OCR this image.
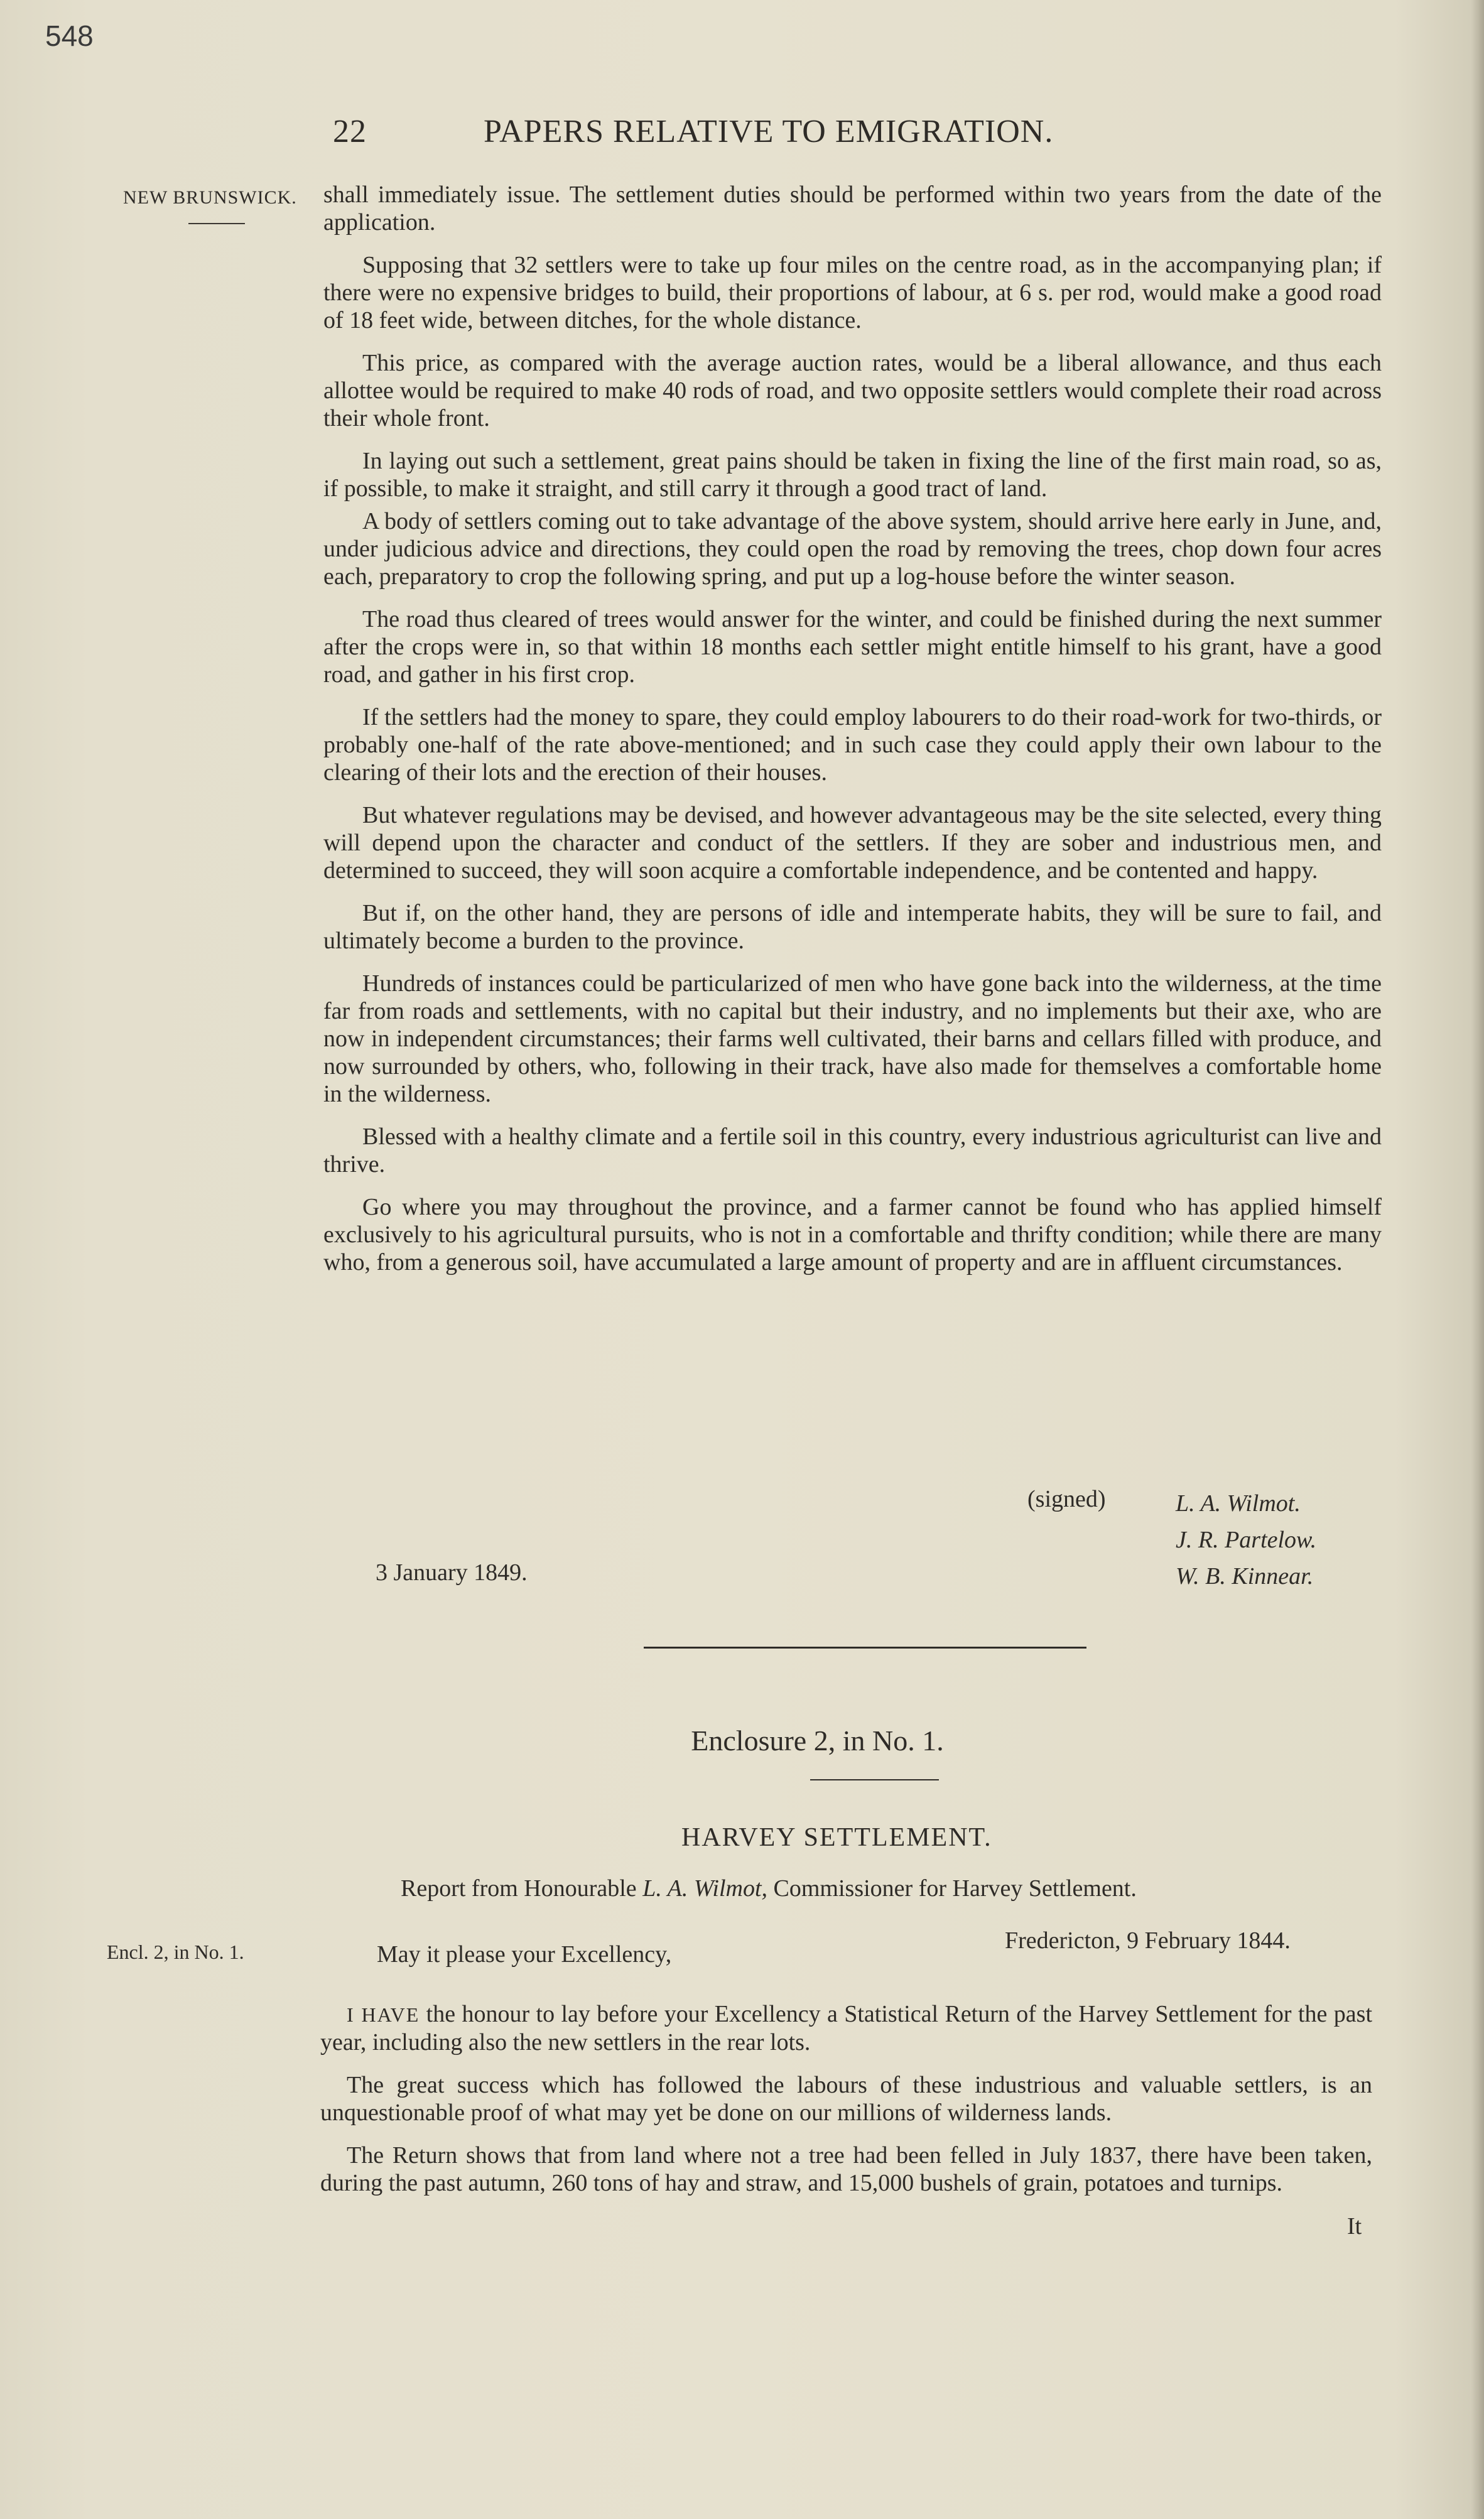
548
22	PAPERS RELATIVE TO EMIGRATION.
NEW BRUNSWICK. shall immediately issue. The settlement duties should be performed within two years from the date of the application.

Supposing that 32 settlers were to take up four miles on the centre road, as in the accompanying plan; if there were no expensive bridges to build, their proportions of labour, at 6 s. per rod, would make a good road of 18 feet wide, between ditches, for the whole distance.

This price, as compared with the average auction rates, would be a liberal allowance, and thus each allottee would be required to make 40 rods of road, and two opposite settlers would complete their road across their whole front.

In laying out such a settlement, great pains should be taken in fixing the line of the first main road, so as, if possible, to make it straight, and still carry it through a good tract of land.

A body of settlers coming out to take advantage of the above system, should arrive here early in June, and, under judicious advice and directions, they could open the road by removing the trees, chop down four acres each, preparatory to crop the following spring, and put up a log-house before the winter season.

The road thus cleared of trees would answer for the winter, and could be finished during the next summer after the crops were in, so that within 18 months each settler might entitle himself to his grant, have a good road, and gather in his first crop.

If the settlers had the money to spare, they could employ labourers to do their road-work for two-thirds, or probably one-half of the rate above-mentioned; and in such case they could apply their own labour to the clearing of their lots and the erection of their houses.

But whatever regulations may be devised, and however advantageous may be the site selected, every thing will depend upon the character and conduct of the settlers. If they are sober and industrious men, and determined to succeed, they will soon acquire a comfortable independence, and be contented and happy.

But if, on the other hand, they are persons of idle and intemperate habits, they will be sure to fail, and ultimately become a burden to the province.

Hundreds of instances could be particularized of men who have gone back into the wilderness, at the time far from roads and settlements, with no capital but their industry, and no implements but their axe, who are now in independent circumstances; their farms well cultivated, their barns and cellars filled with produce, and now surrounded by others, who, following in their track, have also made for themselves a comfortable home in the wilderness.

Blessed with a healthy climate and a fertile soil in this country, every industrious agriculturist can live and thrive.

Go where you may throughout the province, and a farmer cannot be found who has applied himself exclusively to his agricultural pursuits, who is not in a comfortable and thrifty condition; while there are many who, from a generous soil, have accumulated a large amount of property and are in affluent circumstances.

(signed)	L. A. Wilmot.
J. R. Partelow.
W. B. Kinnear.
3 January 1849.
Enclosure 2, in No. 1.
HARVEY SETTLEMENT.
Report from Honourable L. A. Wilmot, Commissioner for Harvey Settlement.
Encl. 2, in No. 1.	Fredericton, 9 February 1844.
May it please your Excellency,

I HAVE the honour to lay before your Excellency a Statistical Return of the Harvey Settlement for the past year, including also the new settlers in the rear lots.

The great success which has followed the labours of these industrious and valuable settlers, is an unquestionable proof of what may yet be done on our millions of wilderness lands.

The Return shows that from land where not a tree had been felled in July 1837, there have been taken, during the past autumn, 260 tons of hay and straw, and 15,000 bushels of grain, potatoes and turnips.

It
